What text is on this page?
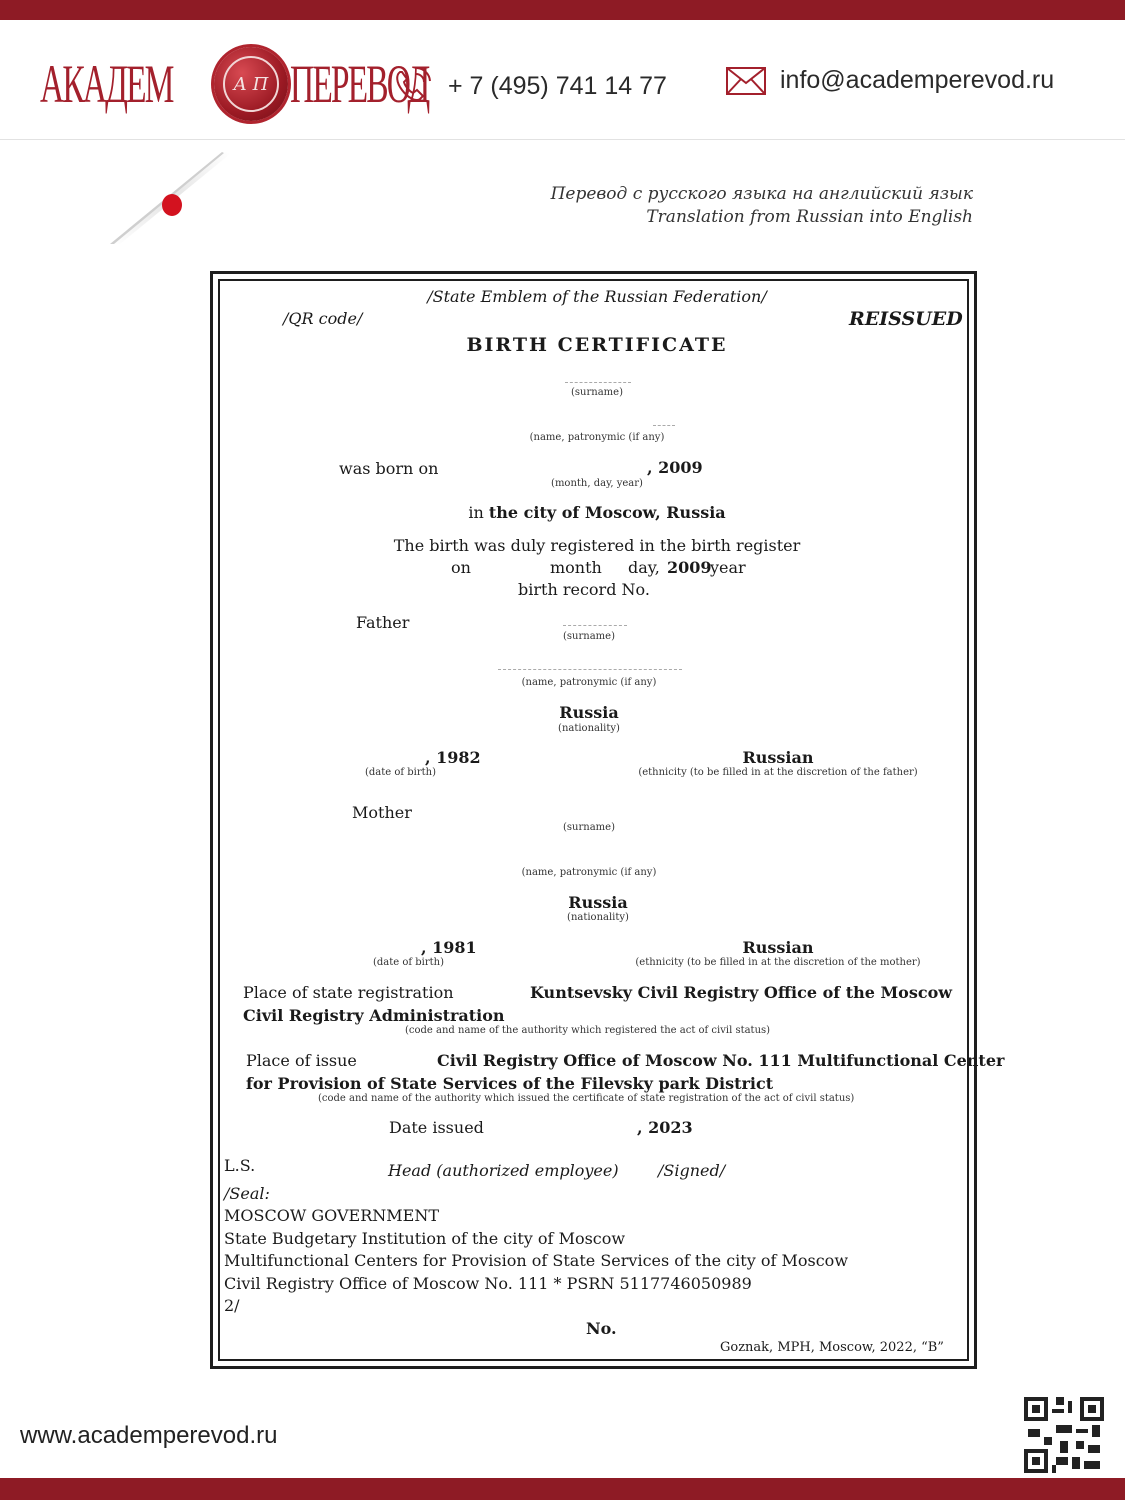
АКАДЕМ	А П ПЕРЕВОД + 7 (495) 741 14 77	info@academperevod.ru
Перевод с русского языка на английский язык
Translation from Russian into English
/State Emblem of the Russian Federation/
/QR code/	REISSUED
BIRTH CERTIFICATE
(surname)
(name, patronymic (if any)
was born on	, 2009
(month, day, year)
in the city of Moscow, Russia
The birth was duly registered in the birth register
on	month day, 2009
year
birth record No.
Father
(surname)
(name, patronymic (if any)
Russia
(nationality)
, 1982
(date of birth)
Russian
(ethnicity (to be filled in at the discretion of the father)
Mother
(surname)
(name, patronymic (if any)
Russia
(nationality)
, 1981
(date of birth)
Russian
(ethnicity (to be filled in at the discretion of the mother)
Place of state registration	Kuntsevsky Civil Registry Office of the Moscow
Civil Registry Administration
(code and name of the authority which registered the act of civil status)
Place of issue	Civil Registry Office of Moscow No. 111 Multifunctional Center
for Provision of State Services of the Filevsky park District
(code and name of the authority which issued the certificate of state registration of the act of civil status)
Date issued	, 2023
L.S.	Head (authorized employee) /Signed/
/Seal:
MOSCOW GOVERNMENT
State Budgetary Institution of the city of Moscow
Multifunctional Centers for Provision of State Services of the city of Moscow
Civil Registry Office of Moscow No. 111 * PSRN 5117746050989
2/
No.
Goznak, MPH, Moscow, 2022, “B”
www.academperevod.ru
